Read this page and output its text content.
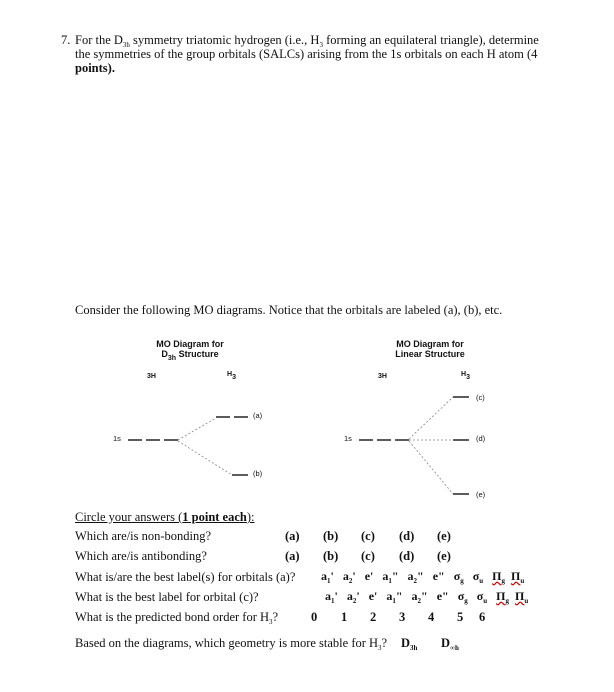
7. For the $D_{3h}$ symmetry triatomic hydrogen (i.e., $H_3$ forming an equilateral triangle), determine
the symmetries of the group orbitals (SALCs) arising from the 1s orbitals on each H atom (4
points).
Consider the following MO diagrams. Notice that the orbitals are labeled (a), (b), etc.
MO Diagram for
$D_{3h}$ Structure
3H	$H_3$
1s
(a)
(b)
MO Diagram for
Linear Structure
3H	$H_3$
1s
(c)
(d)
(e)
Circle your answers (1 point each):
Which are/is non-bonding?	(a) (b) (c) (d) (e)
Which are/is antibonding?	(a) (b) (c) (d) (e)
What is/are the best label(s) for orbitals (a)? $a_1'$   $a_2'$   e' $a_1$"   $a_2$"   e" $\sigma_g$ $\sigma_u$ $\Pi_g$ $\Pi_u$
What is the best label for orbital (c)?	$a_1'$   $a_2'$   e' $a_1$"   $a_2$"   e" $\sigma_g$ $\sigma_u$ $\Pi_g$ $\Pi_u$
What is the predicted bond order for $H_3$?	0 1 2 3 4 5 6
Based on the diagrams, which geometry is more stable for $H_3$? $D_{3h}$ $D_{\infty h}$
